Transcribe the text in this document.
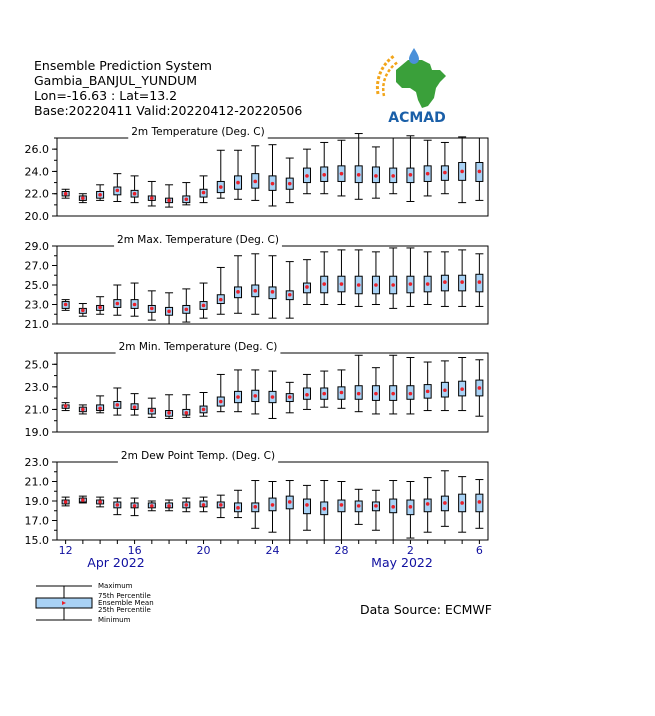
Ensemble Prediction System
Gambia_BANJUL_YUNDUM
Lon=-16.63 : Lat=13.2
Base:20220411 Valid:20220412-20220506	ACMAD
2m Temperature (Deg. C)
26.0
24.0
22.0
20.0
2m Max. Temperature (Deg. C)
29.0
27.0
25.0
23.0
21.0
2m Min. Temperature (Deg. C)
25.0
23.0
21.0
19.0
2m Dew Point Temp. (Deg. C)
23.0
21.0
19.0
17.0
15.0
12	16	20	24	28	2	6
Apr 2022	May 2022
Maximum
75th Percentile
Ensemble Mean
25th Percentile
Minimum
Data Source: ECMWF
